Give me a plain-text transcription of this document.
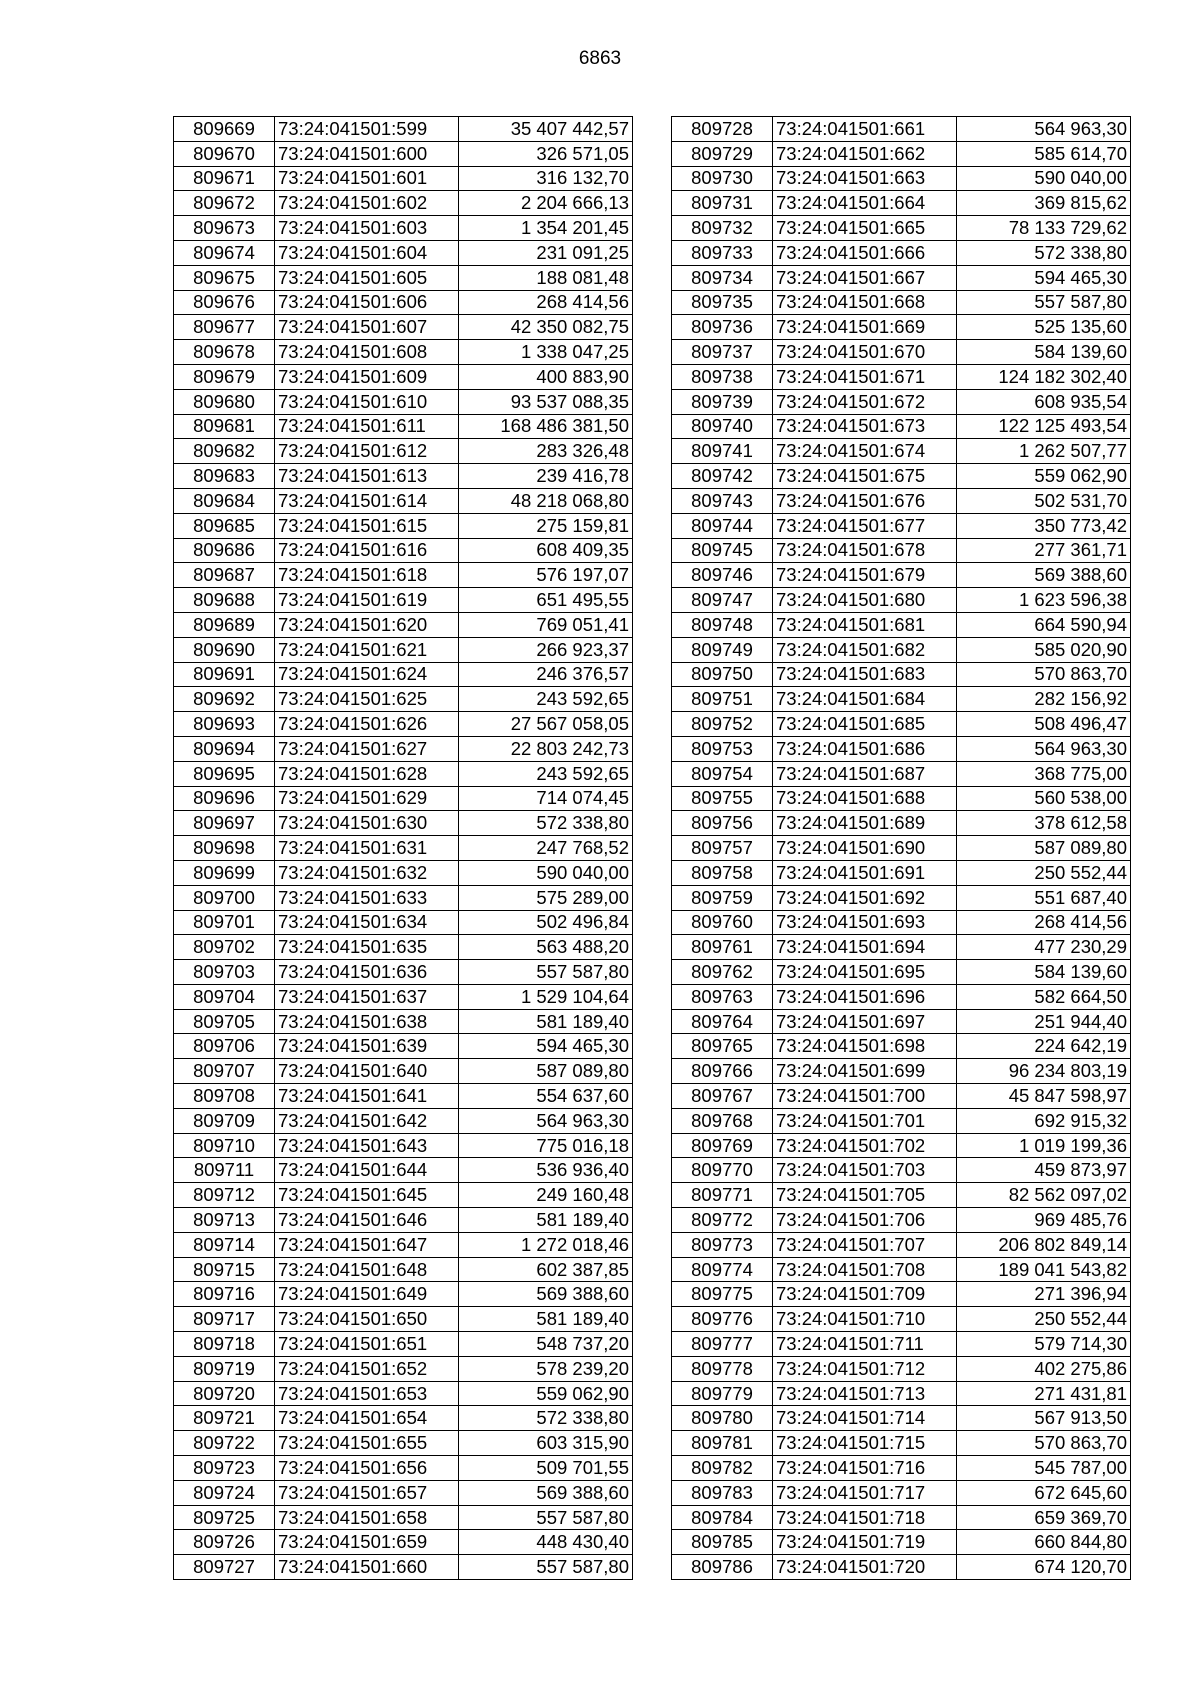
6863
809669	73:24:041501:599	35 407 442,57
809670	73:24:041501:600	326 571,05
809671	73:24:041501:601	316 132,70
809672	73:24:041501:602	2 204 666,13
809673	73:24:041501:603	1 354 201,45
809674	73:24:041501:604	231 091,25
809675	73:24:041501:605	188 081,48
809676	73:24:041501:606	268 414,56
809677	73:24:041501:607	42 350 082,75
809678	73:24:041501:608	1 338 047,25
809679	73:24:041501:609	400 883,90
809680	73:24:041501:610	93 537 088,35
809681	73:24:041501:611	168 486 381,50
809682	73:24:041501:612	283 326,48
809683	73:24:041501:613	239 416,78
809684	73:24:041501:614	48 218 068,80
809685	73:24:041501:615	275 159,81
809686	73:24:041501:616	608 409,35
809687	73:24:041501:618	576 197,07
809688	73:24:041501:619	651 495,55
809689	73:24:041501:620	769 051,41
809690	73:24:041501:621	266 923,37
809691	73:24:041501:624	246 376,57
809692	73:24:041501:625	243 592,65
809693	73:24:041501:626	27 567 058,05
809694	73:24:041501:627	22 803 242,73
809695	73:24:041501:628	243 592,65
809696	73:24:041501:629	714 074,45
809697	73:24:041501:630	572 338,80
809698	73:24:041501:631	247 768,52
809699	73:24:041501:632	590 040,00
809700	73:24:041501:633	575 289,00
809701	73:24:041501:634	502 496,84
809702	73:24:041501:635	563 488,20
809703	73:24:041501:636	557 587,80
809704	73:24:041501:637	1 529 104,64
809705	73:24:041501:638	581 189,40
809706	73:24:041501:639	594 465,30
809707	73:24:041501:640	587 089,80
809708	73:24:041501:641	554 637,60
809709	73:24:041501:642	564 963,30
809710	73:24:041501:643	775 016,18
809711	73:24:041501:644	536 936,40
809712	73:24:041501:645	249 160,48
809713	73:24:041501:646	581 189,40
809714	73:24:041501:647	1 272 018,46
809715	73:24:041501:648	602 387,85
809716	73:24:041501:649	569 388,60
809717	73:24:041501:650	581 189,40
809718	73:24:041501:651	548 737,20
809719	73:24:041501:652	578 239,20
809720	73:24:041501:653	559 062,90
809721	73:24:041501:654	572 338,80
809722	73:24:041501:655	603 315,90
809723	73:24:041501:656	509 701,55
809724	73:24:041501:657	569 388,60
809725	73:24:041501:658	557 587,80
809726	73:24:041501:659	448 430,40
809727	73:24:041501:660	557 587,80
809728	73:24:041501:661	564 963,30
809729	73:24:041501:662	585 614,70
809730	73:24:041501:663	590 040,00
809731	73:24:041501:664	369 815,62
809732	73:24:041501:665	78 133 729,62
809733	73:24:041501:666	572 338,80
809734	73:24:041501:667	594 465,30
809735	73:24:041501:668	557 587,80
809736	73:24:041501:669	525 135,60
809737	73:24:041501:670	584 139,60
809738	73:24:041501:671	124 182 302,40
809739	73:24:041501:672	608 935,54
809740	73:24:041501:673	122 125 493,54
809741	73:24:041501:674	1 262 507,77
809742	73:24:041501:675	559 062,90
809743	73:24:041501:676	502 531,70
809744	73:24:041501:677	350 773,42
809745	73:24:041501:678	277 361,71
809746	73:24:041501:679	569 388,60
809747	73:24:041501:680	1 623 596,38
809748	73:24:041501:681	664 590,94
809749	73:24:041501:682	585 020,90
809750	73:24:041501:683	570 863,70
809751	73:24:041501:684	282 156,92
809752	73:24:041501:685	508 496,47
809753	73:24:041501:686	564 963,30
809754	73:24:041501:687	368 775,00
809755	73:24:041501:688	560 538,00
809756	73:24:041501:689	378 612,58
809757	73:24:041501:690	587 089,80
809758	73:24:041501:691	250 552,44
809759	73:24:041501:692	551 687,40
809760	73:24:041501:693	268 414,56
809761	73:24:041501:694	477 230,29
809762	73:24:041501:695	584 139,60
809763	73:24:041501:696	582 664,50
809764	73:24:041501:697	251 944,40
809765	73:24:041501:698	224 642,19
809766	73:24:041501:699	96 234 803,19
809767	73:24:041501:700	45 847 598,97
809768	73:24:041501:701	692 915,32
809769	73:24:041501:702	1 019 199,36
809770	73:24:041501:703	459 873,97
809771	73:24:041501:705	82 562 097,02
809772	73:24:041501:706	969 485,76
809773	73:24:041501:707	206 802 849,14
809774	73:24:041501:708	189 041 543,82
809775	73:24:041501:709	271 396,94
809776	73:24:041501:710	250 552,44
809777	73:24:041501:711	579 714,30
809778	73:24:041501:712	402 275,86
809779	73:24:041501:713	271 431,81
809780	73:24:041501:714	567 913,50
809781	73:24:041501:715	570 863,70
809782	73:24:041501:716	545 787,00
809783	73:24:041501:717	672 645,60
809784	73:24:041501:718	659 369,70
809785	73:24:041501:719	660 844,80
809786	73:24:041501:720	674 120,70
